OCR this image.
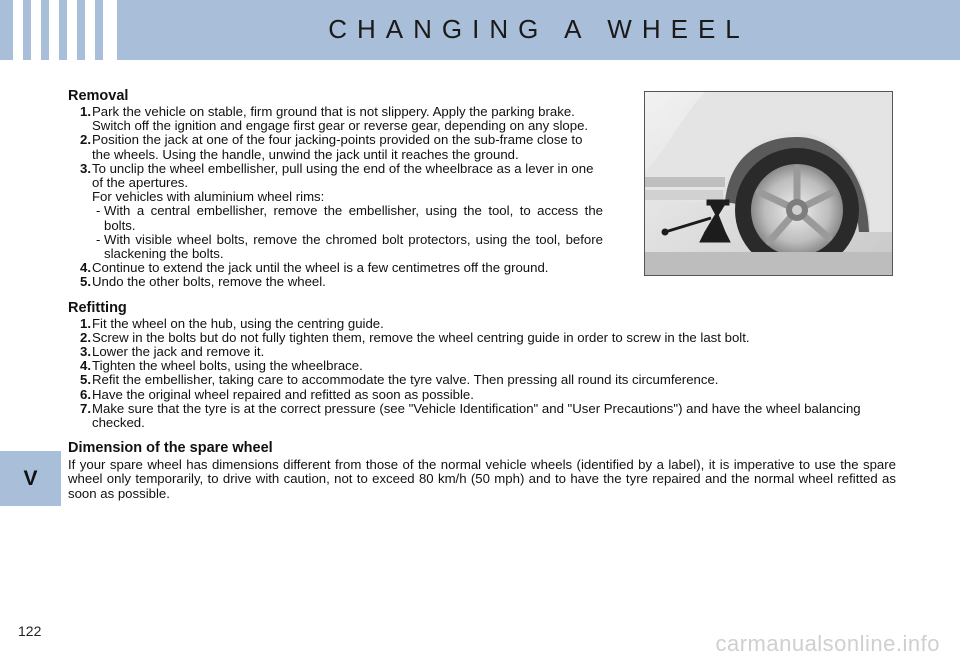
CHANGING A WHEEL
V
Removal
1. Park the vehicle on stable, firm ground that is not slippery. Apply the parking brake.
Switch off the ignition and engage first gear or reverse gear, depending on any slope.
2. Position the jack at one of the four jacking-points provided on the sub-frame close to the wheels. Using the handle, unwind the jack until it reaches the ground.
3. To unclip the wheel embellisher, pull using the end of the wheelbrace as a lever in one of the apertures.
For vehicles with aluminium wheel rims:
- With a central embellisher, remove the embellisher, using the tool, to access the bolts.
- With visible wheel bolts, remove the chromed bolt protectors, using the tool, before slackening the bolts.
4. Continue to extend the jack until the wheel is a few centimetres off the ground.
5. Undo the other bolts, remove the wheel.
Refitting
1. Fit the wheel on the hub, using the centring guide.
2. Screw in the bolts but do not fully tighten them, remove the wheel centring guide in order to screw in the last bolt.
3. Lower the jack and remove it.
4. Tighten the wheel bolts, using the wheelbrace.
5. Refit the embellisher, taking care to accommodate the tyre valve. Then pressing all round its circumference.
6. Have the original wheel repaired and refitted as soon as possible.
7. Make sure that the tyre is at the correct pressure (see "Vehicle Identification" and "User Precautions") and have the wheel balancing checked.
Dimension of the spare wheel
If your spare wheel has dimensions different from those of the normal vehicle wheels (identified by a label), it is imperative to use the spare wheel only temporarily, to drive with caution, not to exceed 80 km/h (50 mph) and to have the tyre repaired and the normal wheel refitted as soon as possible.
122	carmanualsonline.info
